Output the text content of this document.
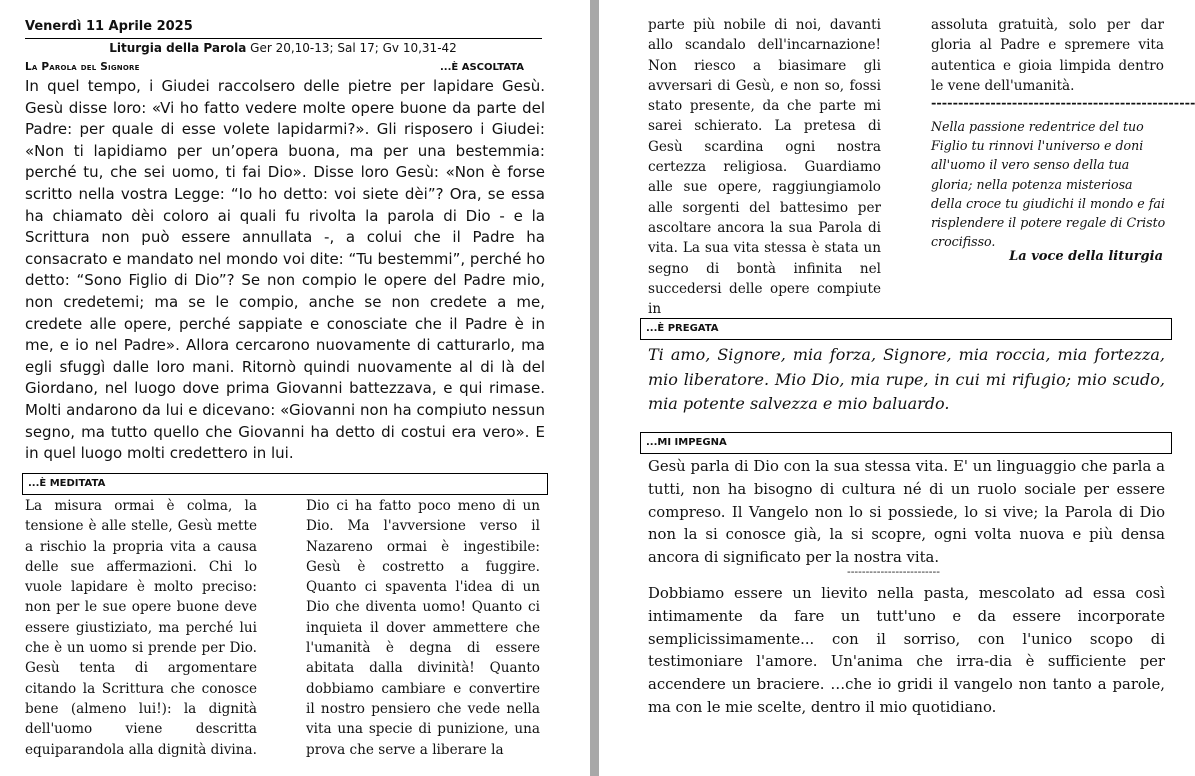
Venerdì 11 Aprile 2025
Liturgia della Parola Ger 20,10-13; Sal 17; Gv 10,31-42
La Parola del Signore	...È ASCOLTATA

In quel tempo, i Giudei raccolsero delle pietre per lapidare Gesù. Gesù disse loro: «Vi ho fatto vedere molte opere buone da parte del Padre: per quale di esse volete lapidarmi?». Gli risposero i Giudei: «Non ti lapidiamo per un’opera buona, ma per una bestemmia: perché tu, che sei uomo, ti fai Dio». Disse loro Gesù: «Non è forse scritto nella vostra Legge: “Io ho detto: voi siete dèi”? Ora, se essa ha chiamato dèi coloro ai quali fu rivolta la parola di Dio - e la Scrittura non può essere annullata -, a colui che il Padre ha consacrato e mandato nel mondo voi dite: “Tu bestemmi”, perché ho detto: “Sono Figlio di Dio”? Se non compio le opere del Padre mio, non credetemi; ma se le compio, anche se non credete a me, credete alle opere, perché sappiate e conosciate che il Padre è in me, e io nel Padre». Allora cercarono nuovamente di catturarlo, ma egli sfuggì dalle loro mani. Ritornò quindi nuovamente al di là del Giordano, nel luogo dove prima Giovanni battezzava, e qui rimase. Molti andarono da lui e dicevano: «Giovanni non ha compiuto nessun segno, ma tutto quello che Giovanni ha detto di costui era vero». E in quel luogo molti credettero in lui.

...È MEDITATA

La misura ormai è colma, la tensione è alle stelle, Gesù mette a rischio la propria vita a causa delle sue affermazioni. Chi lo vuole lapidare è molto preciso: non per le sue opere buone deve essere giustiziato, ma perché lui che è un uomo si prende per Dio. Gesù tenta di argomentare citando la Scrittura che conosce bene (almeno lui!): la dignità dell'uomo viene descritta equiparandola alla dignità divina.

Dio ci ha fatto poco meno di un Dio. Ma l'avversione verso il Nazareno ormai è ingestibile: Gesù è costretto a fuggire. Quanto ci spaventa l'idea di un Dio che diventa uomo! Quanto ci inquieta il dover ammettere che l'umanità è degna di essere abitata dalla divinità! Quanto dobbiamo cambiare e convertire il nostro pensiero che vede nella vita una specie di punizione, una prova che serve a liberare la

parte più nobile di noi, davanti allo scandalo dell'incarnazione! Non riesco a biasimare gli avversari di Gesù, e non so, fossi stato presente, da che parte mi sarei schierato. La pretesa di Gesù scardina ogni nostra certezza religiosa. Guardiamo alle sue opere, raggiungiamolo alle sorgenti del battesimo per ascoltare ancora la sua Parola di vita. La sua vita stessa è stata un segno di bontà infinita nel succedersi delle opere compiute in

assoluta gratuità, solo per dar gloria al Padre e spremere vita autentica e gioia limpida dentro le vene dell'umanità.

-------------------------------------------------

Nella passione redentrice del tuo Figlio tu rinnovi l'universo e doni all'uomo il vero senso della tua gloria; nella potenza misteriosa della croce tu giudichi il mondo e fai risplendere il potere regale di Cristo crocifisso.

La voce della liturgia
...È PREGATA

Ti amo, Signore, mia forza, Signore, mia roccia, mia fortezza, mio liberatore. Mio Dio, mia rupe, in cui mi rifugio; mio scudo, mia potente salvezza e mio baluardo.

...MI IMPEGNA

Gesù parla di Dio con la sua stessa vita. E' un linguaggio che parla a tutti, non ha bisogno di cultura né di un ruolo sociale per essere compreso. Il Vangelo non lo si possiede, lo si vive; la Parola di Dio non la si conosce già, la si scopre, ogni volta nuova e più densa ancora di significato per la nostra vita.

-------------------------

Dobbiamo essere un lievito nella pasta, mescolato ad essa così intimamente da fare un tutt'uno e da essere incorporate semplicissimamente... con il sorriso, con l'unico scopo di testimoniare l'amore. Un'anima che irra-dia è sufficiente per accendere un braciere. …che io gridi il vangelo non tanto a parole, ma con le mie scelte, dentro il mio quotidiano.
